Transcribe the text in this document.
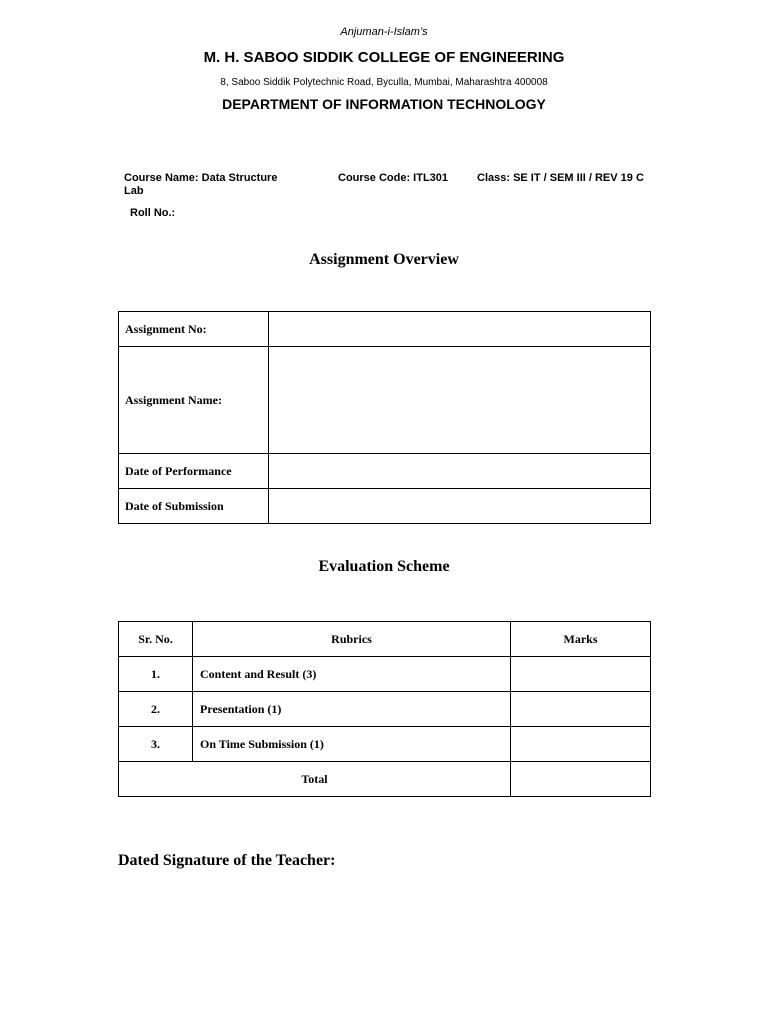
Anjuman-i-Islam’s
M. H. SABOO SIDDIK COLLEGE OF ENGINEERING
8, Saboo Siddik Polytechnic Road, Byculla, Mumbai, Maharashtra 400008
DEPARTMENT OF INFORMATION TECHNOLOGY
Course Name: Data Structure Lab
Course Code: ITL301	Class: SE IT / SEM III / REV 19 C
Roll No.:
Assignment Overview
Assignment No:	
Assignment Name:	
Date of Performance	
Date of Submission	
Evaluation Scheme
Sr. No.	Rubrics	Marks
1.	Content and Result (3)	
2.	Presentation (1)	
3.	On Time Submission (1)	
Total		
Dated Signature of the Teacher:
